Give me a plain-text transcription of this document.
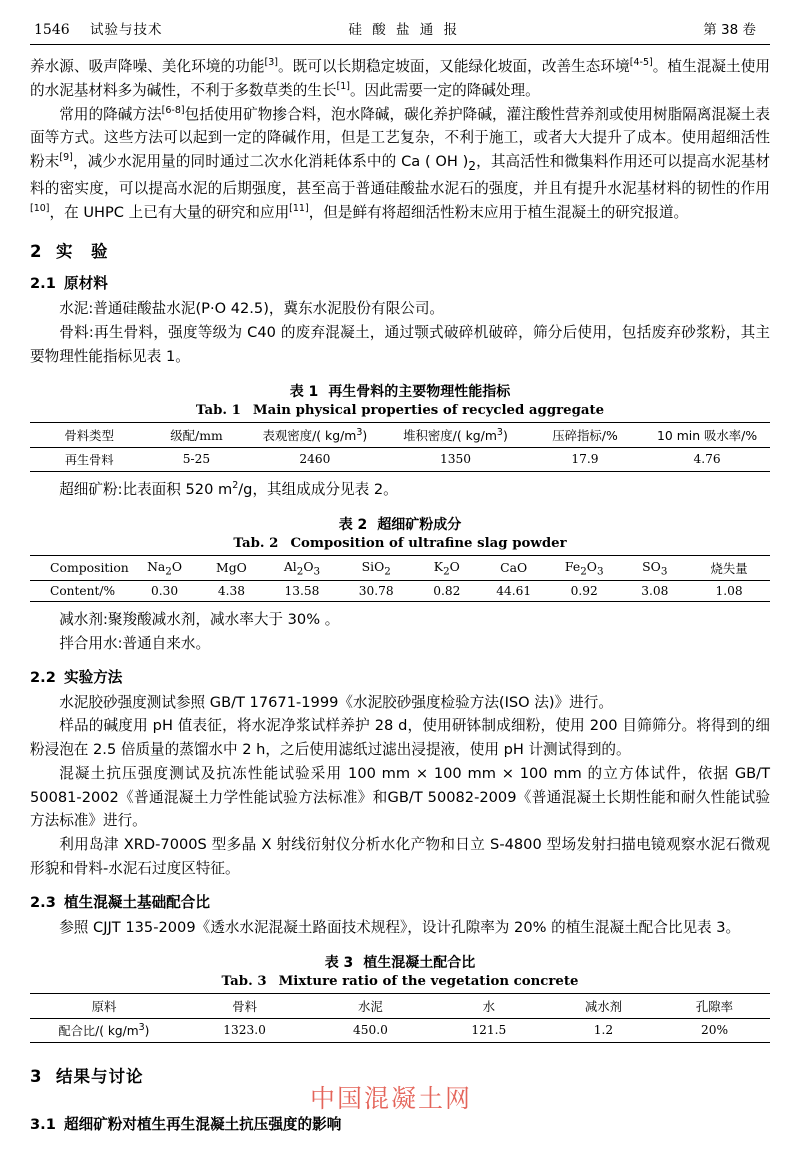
1546	试验与技术	硅 酸 盐 通 报	第 38 卷

养水源、吸声降噪、美化环境的功能[3]。既可以长期稳定坡面，又能绿化坡面，改善生态环境[4-5]。植生混凝土使用的水泥基材料多为碱性，不利于多数草类的生长[1]。因此需要一定的降碱处理。

常用的降碱方法[6-8]包括使用矿物掺合料，泡水降碱，碳化养护降碱，灌注酸性营养剂或使用树脂隔离混凝土表面等方式。这些方法可以起到一定的降碱作用，但是工艺复杂，不利于施工，或者大大提升了成本。使用超细活性粉末[9]，减少水泥用量的同时通过二次水化消耗体系中的 Ca ( OH )$_2$，其高活性和微集料作用还可以提高水泥基材料的密实度，可以提高水泥的后期强度，甚至高于普通硅酸盐水泥石的强度，并且有提升水泥基材料的韧性的作用[10]，在 UHPC 上已有大量的研究和应用[11]，但是鲜有将超细活性粉末应用于植生混凝土的研究报道。

2 实　验
2.1 原材料

水泥:普通硅酸盐水泥(P·O 42.5)，冀东水泥股份有限公司。

骨料:再生骨料，强度等级为 C40 的废弃混凝土，通过颚式破碎机破碎，筛分后使用，包括废弃砂浆粉，其主要物理性能指标见表 1。

表 1 再生骨料的主要物理性能指标
Tab. 1 Main physical properties of recycled aggregate
骨料类型	级配/mm	表观密度/( $kg/m^3$)	堆积密度/( $kg/m^3$)	压碎指标/%	10 min 吸水率/%
再生骨料	5-25	2460	1350	17.9	4.76

超细矿粉:比表面积 520 $m^2/g$，其组成成分见表 2。

表 2 超细矿粉成分
Tab. 2 Composition of ultrafine slag powder
Composition	$Na_2O$	MgO	$Al_2O_3$	SiO$_2$	$K_2O$	CaO	$Fe_2O_3$	$SO_3$	烧失量
Content/%	0.30	4.38	13.58	30.78	0.82	44.61	0.92	3.08	1.08

减水剂:聚羧酸减水剂，减水率大于 30% 。

拌合用水:普通自来水。

2.2 实验方法

水泥胶砂强度测试参照 GB/T 17671-1999《水泥胶砂强度检验方法(ISO 法)》进行。

样品的碱度用 pH 值表征，将水泥净浆试样养护 28 d，使用研钵制成细粉，使用 200 目筛筛分。将得到的细粉浸泡在 2.5 倍质量的蒸馏水中 2 h，之后使用滤纸过滤出浸提液，使用 pH 计测试得到的。

混凝土抗压强度测试及抗冻性能试验采用 100 mm × 100 mm × 100 mm 的立方体试件，依据 GB/T 50081-2002《普通混凝土力学性能试验方法标准》和GB/T 50082-2009《普通混凝土长期性能和耐久性能试验方法标准》进行。

利用岛津 XRD-7000S 型多晶 X 射线衍射仪分析水化产物和日立 S-4800 型场发射扫描电镜观察水泥石微观形貌和骨料-水泥石过度区特征。

2.3 植生混凝土基础配合比

参照 CJJT 135-2009《透水水泥混凝土路面技术规程》，设计孔隙率为 20% 的植生混凝土配合比见表 3。

表 3 植生混凝土配合比
Tab. 3 Mixture ratio of the vegetation concrete
原料	骨料	水泥	水	减水剂	孔隙率
配合比/( $kg/m^3$)	1323.0	450.0	121.5	1.2	20%
3 结果与讨论
3.1 超细矿粉对植生再生混凝土抗压强度的影响
中国混凝土网
